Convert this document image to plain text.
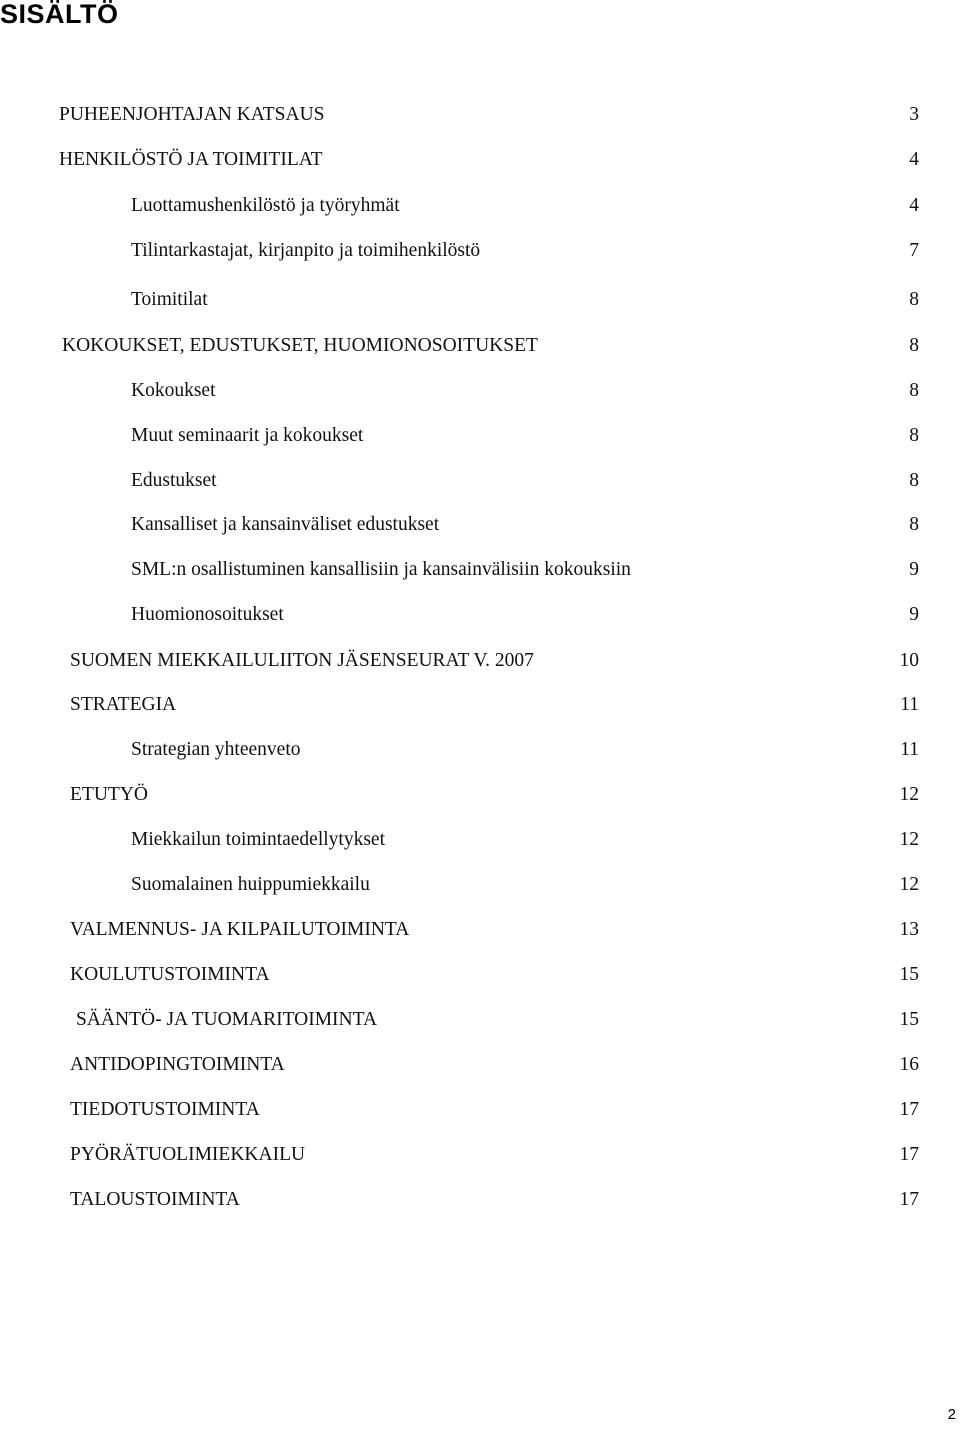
SISÄLTÖ
PUHEENJOHTAJAN KATSAUS	3
HENKILÖSTÖ JA TOIMITILAT	4
Luottamushenkilöstö ja työryhmät	4
Tilintarkastajat, kirjanpito ja toimihenkilöstö	7
Toimitilat	8
KOKOUKSET, EDUSTUKSET, HUOMIONOSOITUKSET	8
Kokoukset	8
Muut seminaarit ja kokoukset	8
Edustukset	8
Kansalliset ja kansainväliset edustukset	8
SML:n osallistuminen kansallisiin ja kansainvälisiin kokouksiin	9
Huomionosoitukset	9
SUOMEN MIEKKAILULIITON JÄSENSEURAT V. 2007	10
STRATEGIA	11
Strategian yhteenveto	11
ETUTYÖ	12
Miekkailun toimintaedellytykset	12
Suomalainen huippumiekkailu	12
VALMENNUS- JA KILPAILUTOIMINTA	13
KOULUTUSTOIMINTA	15
SÄÄNTÖ- JA TUOMARITOIMINTA	15
ANTIDOPINGTOIMINTA	16
TIEDOTUSTOIMINTA	17
PYÖRÄTUOLIMIEKKAILU	17
TALOUSTOIMINTA	17
2
